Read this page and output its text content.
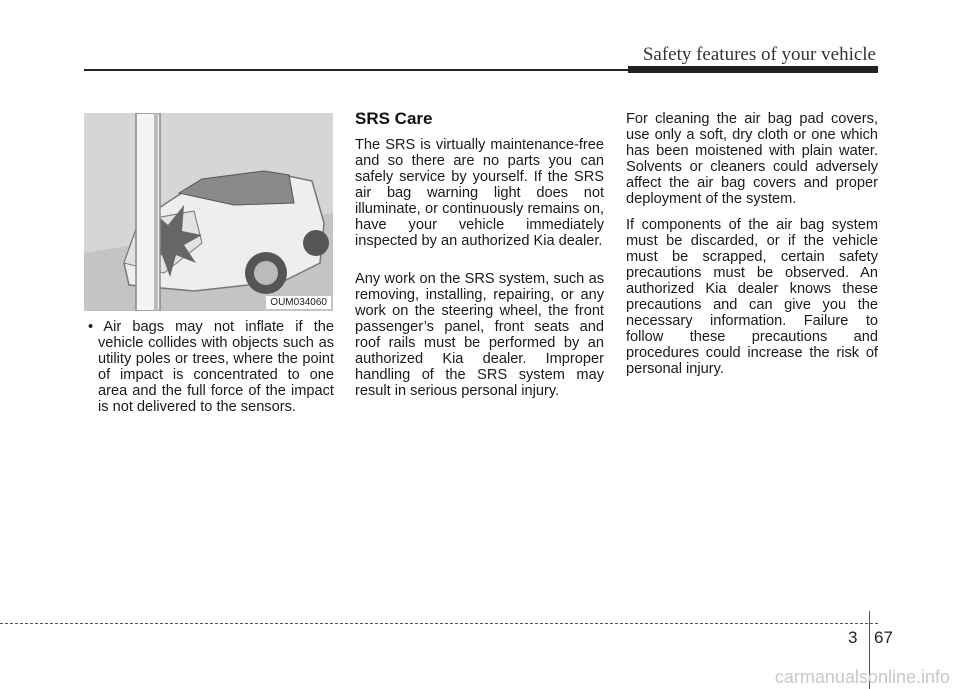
Safety features of your vehicle
OUM034060

• Air bags may not inflate if the vehicle collides with objects such as utility poles or trees, where the point of impact is concentrated to one area and the full force of the impact is not delivered to the sensors.

SRS Care

The SRS is virtually maintenance-free and so there are no parts you can safely service by yourself. If the SRS air bag warning light does not illuminate, or continuously remains on, have your vehicle immediately inspected by an authorized Kia dealer.

Any work on the SRS system, such as removing, installing, repairing, or any work on the steering wheel, the front passenger’s panel, front seats and roof rails must be performed by an authorized Kia dealer. Improper handling of the SRS system may result in serious personal injury.

For cleaning the air bag pad covers, use only a soft, dry cloth or one which has been moistened with plain water. Solvents or cleaners could adversely affect the air bag covers and proper deployment of the system.

If components of the air bag system must be discarded, or if the vehicle must be scrapped, certain safety precautions must be observed. An authorized Kia dealer knows these precautions and can give you the necessary information. Failure to follow these precautions and procedures could increase the risk of personal injury.

3 67
carmanualsonline.info
